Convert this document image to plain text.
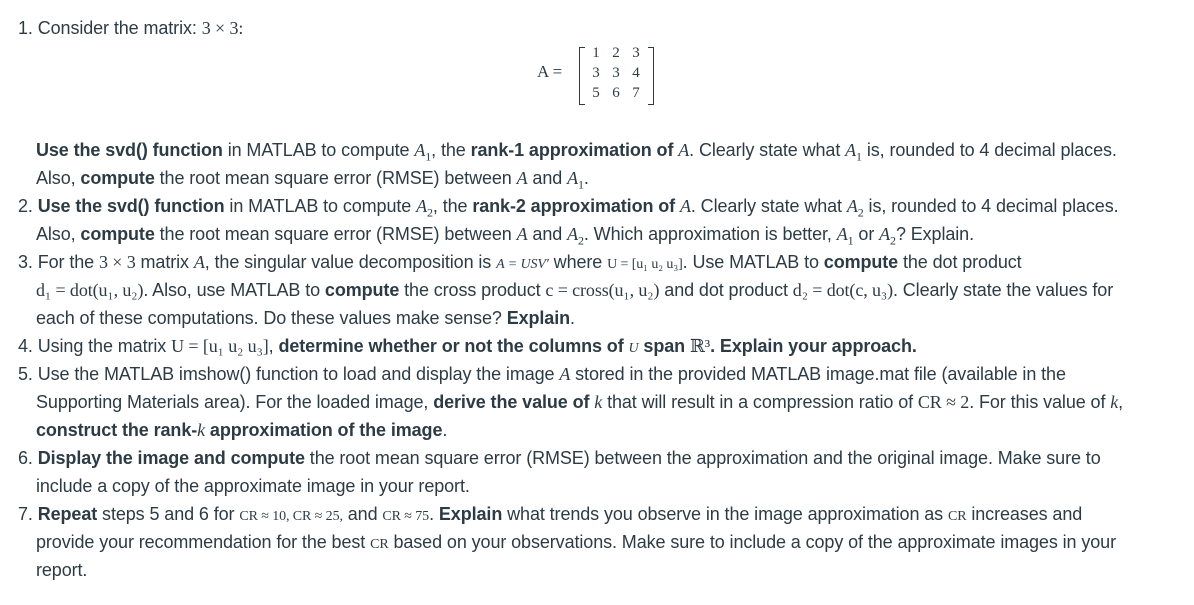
1. Consider the matrix: 3 × 3:
A =
1 2 3
3 3 4
5 6 7
Use the svd() function in MATLAB to compute $A_1$, the rank-1 approximation of A. Clearly state what $A_1$ is, rounded to 4 decimal places.
Also, compute the root mean square error (RMSE) between A and $A_1$.
2. Use the svd() function in MATLAB to compute $A_2$, the rank-2 approximation of A. Clearly state what $A_2$ is, rounded to 4 decimal places.
Also, compute the root mean square error (RMSE) between A and $A_2$. Which approximation is better, $A_1$ or $A_2$? Explain.
3. For the 3 × 3 matrix A, the singular value decomposition is A = USV′ where U = [u₁ u₂ u₃]. Use MATLAB to compute the dot product
d₁ = dot(u₁, u₂). Also, use MATLAB to compute the cross product c = cross(u₁, u₂) and dot product d₂ = dot(c, u₃). Clearly state the values for
each of these computations. Do these values make sense? Explain.
4. Using the matrix U = [u₁ u₂ u₃], determine whether or not the columns of U span ℝ³. Explain your approach.
5. Use the MATLAB imshow() function to load and display the image A stored in the provided MATLAB image.mat file (available in the
Supporting Materials area). For the loaded image, derive the value of k that will result in a compression ratio of CR ≈ 2. For this value of k,
construct the rank-k approximation of the image.
6. Display the image and compute the root mean square error (RMSE) between the approximation and the original image. Make sure to
include a copy of the approximate image in your report.
7. Repeat steps 5 and 6 for CR ≈ 10, CR ≈ 25, and CR ≈ 75. Explain what trends you observe in the image approximation as CR increases and
provide your recommendation for the best CR based on your observations. Make sure to include a copy of the approximate images in your
report.
